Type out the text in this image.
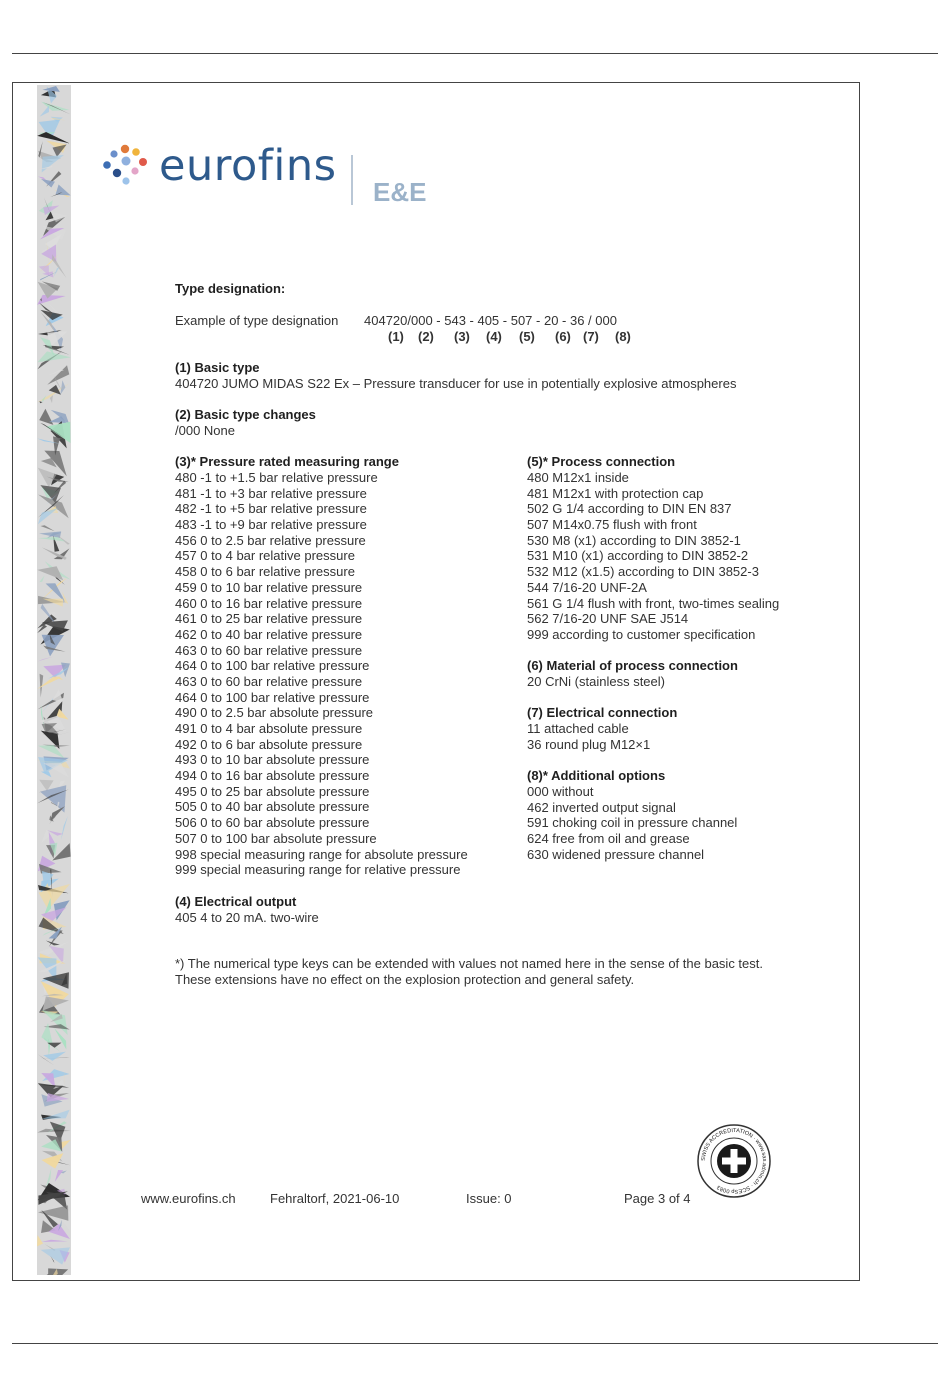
eurofins
E&E
Type designation:
Example of type designation 404720/000 - 543 - 405 - 507 - 20 - 36 / 000
(1) (2) (3) (4) (5) (6) (7) (8)
(1) Basic type
404720 JUMO MIDAS S22 Ex – Pressure transducer for use in potentially explosive atmospheres
(2) Basic type changes
/000 None
(3)* Pressure rated measuring range
480 -1 to +1.5 bar relative pressure
481 -1 to +3 bar relative pressure
482 -1 to +5 bar relative pressure
483 -1 to +9 bar relative pressure
456 0 to 2.5 bar relative pressure
457 0 to 4 bar relative pressure
458 0 to 6 bar relative pressure
459 0 to 10 bar relative pressure
460 0 to 16 bar relative pressure
461 0 to 25 bar relative pressure
462 0 to 40 bar relative pressure
463 0 to 60 bar relative pressure
464 0 to 100 bar relative pressure
463 0 to 60 bar relative pressure
464 0 to 100 bar relative pressure
490 0 to 2.5 bar absolute pressure
491 0 to 4 bar absolute pressure
492 0 to 6 bar absolute pressure
493 0 to 10 bar absolute pressure
494 0 to 16 bar absolute pressure
495 0 to 25 bar absolute pressure
505 0 to 40 bar absolute pressure
506 0 to 60 bar absolute pressure
507 0 to 100 bar absolute pressure
998 special measuring range for absolute pressure
999 special measuring range for relative pressure
(4) Electrical output
405 4 to 20 mA. two-wire
(5)* Process connection
480 M12x1 inside
481 M12x1 with protection cap
502 G 1/4 according to DIN EN 837
507 M14x0.75 flush with front
530 M8 (x1) according to DIN 3852-1
531 M10 (x1) according to DIN 3852-2
532 M12 (x1.5) according to DIN 3852-3
544 7/16-20 UNF-2A
561 G 1/4 flush with front, two-times sealing
562 7/16-20 UNF SAE J514
999 according to customer specification
(6) Material of process connection
20 CrNi (stainless steel)
(7) Electrical connection
11 attached cable
36 round plug M12×1
(8)* Additional options
000 without
462 inverted output signal
591 choking coil in pressure channel
624 free from oil and grease
630 widened pressure channel
*) The numerical type keys can be extended with values not named here in the sense of the basic test.
These extensions have no effect on the explosion protection and general safety.
www.eurofins.ch	Fehraltorf, 2021-06-10	Issue: 0	Page 3 of 4
SWISS ACCREDITATION · www.sas.admin.ch · SCESp 0083
